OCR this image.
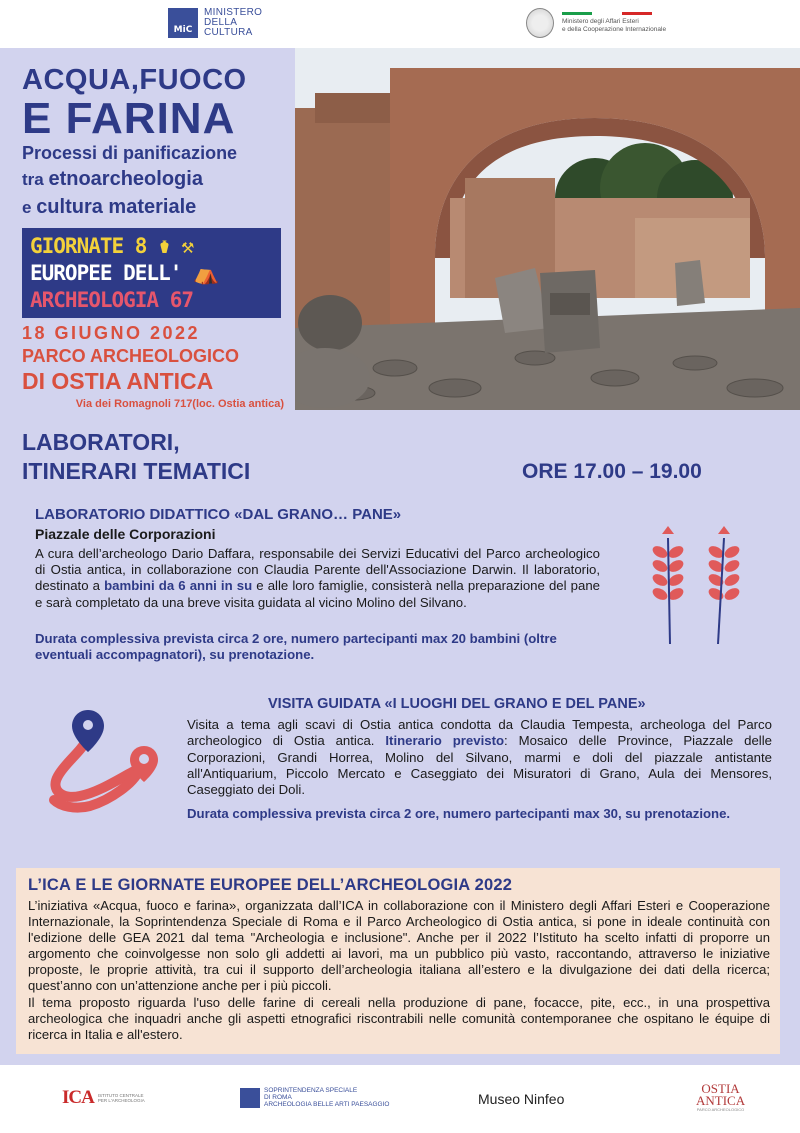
MiC
MINISTERO
DELLA
CULTURA
Ministero degli Affari Esteri
e della Cooperazione Internazionale
ACQUA,FUOCO
E FARINA
Processi di panificazione
tra etnoarcheologia
e cultura materiale
GIORNATE 8 ⚱ ⚒
EUROPEE DELL' ⛺
ARCHEOLOGIA 67
18 GIUGNO 2022
PARCO ARCHEOLOGICO
DI OSTIA ANTICA
Via dei Romagnoli 717(loc. Ostia antica)
LABORATORI,
ITINERARI TEMATICI	ORE 17.00 – 19.00
LABORATORIO DIDATTICO «DAL GRANO… PANE»
Piazzale delle Corporazioni
A cura dell’archeologo Dario Daffara, responsabile dei Servizi Educativi del Parco archeologico di Ostia antica, in collaborazione con Claudia Parente dell'Associazione Darwin. Il laboratorio, destinato a bambini da 6 anni in su e alle loro famiglie, consisterà nella preparazione del pane e sarà completato da una breve visita guidata al vicino Molino del Silvano.
Durata complessiva prevista circa 2 ore, numero partecipanti max 20 bambini (oltre eventuali accompagnatori), su prenotazione.
VISITA GUIDATA «I LUOGHI DEL GRANO E DEL PANE»
Visita a tema agli scavi di Ostia antica condotta da Claudia Tempesta, archeologa del Parco archeologico di Ostia antica. Itinerario previsto: Mosaico delle Province, Piazzale delle Corporazioni, Grandi Horrea, Molino del Silvano, marmi e doli del piazzale antistante all'Antiquarium, Piccolo Mercato e Caseggiato dei Misuratori di Grano, Aula dei Mensores, Caseggiato dei Doli.
Durata complessiva prevista circa 2 ore, numero partecipanti max 30, su prenotazione.
L’ICA E LE GIORNATE EUROPEE DELL’ARCHEOLOGIA 2022
L’iniziativa «Acqua, fuoco e farina», organizzata dall’ICA in collaborazione con il Ministero degli Affari Esteri e Cooperazione Internazionale, la Soprintendenza Speciale di Roma e il Parco Archeologico di Ostia antica, si pone in ideale continuità con l'edizione delle GEA 2021 dal tema "Archeologia e inclusione". Anche per il 2022 l’Istituto ha scelto infatti di proporre un argomento che coinvolgesse non solo gli addetti ai lavori, ma un pubblico più vasto, raccontando, attraverso le iniziative proposte, le proprie attività, tra cui il supporto dell’archeologia italiana all’estero e la divulgazione dei dati della ricerca; quest’anno con un’attenzione anche per i più piccoli.
Il tema proposto riguarda l'uso delle farine di cereali nella produzione di pane, focacce, pite, ecc., in una prospettiva archeologica che inquadri anche gli aspetti etnografici riscontrabili nelle comunità contemporanee che ospitano le équipe di ricerca in Italia e all'estero.
ICA ISTITUTO CENTRALE PER L'ARCHEOLOGIA
SOPRINTENDENZA SPECIALE
DI ROMA
ARCHEOLOGIA BELLE ARTI PAESAGGIO	Museo Ninfeo
OSTIA
ANTICA
PARCO ARCHEOLOGICO
